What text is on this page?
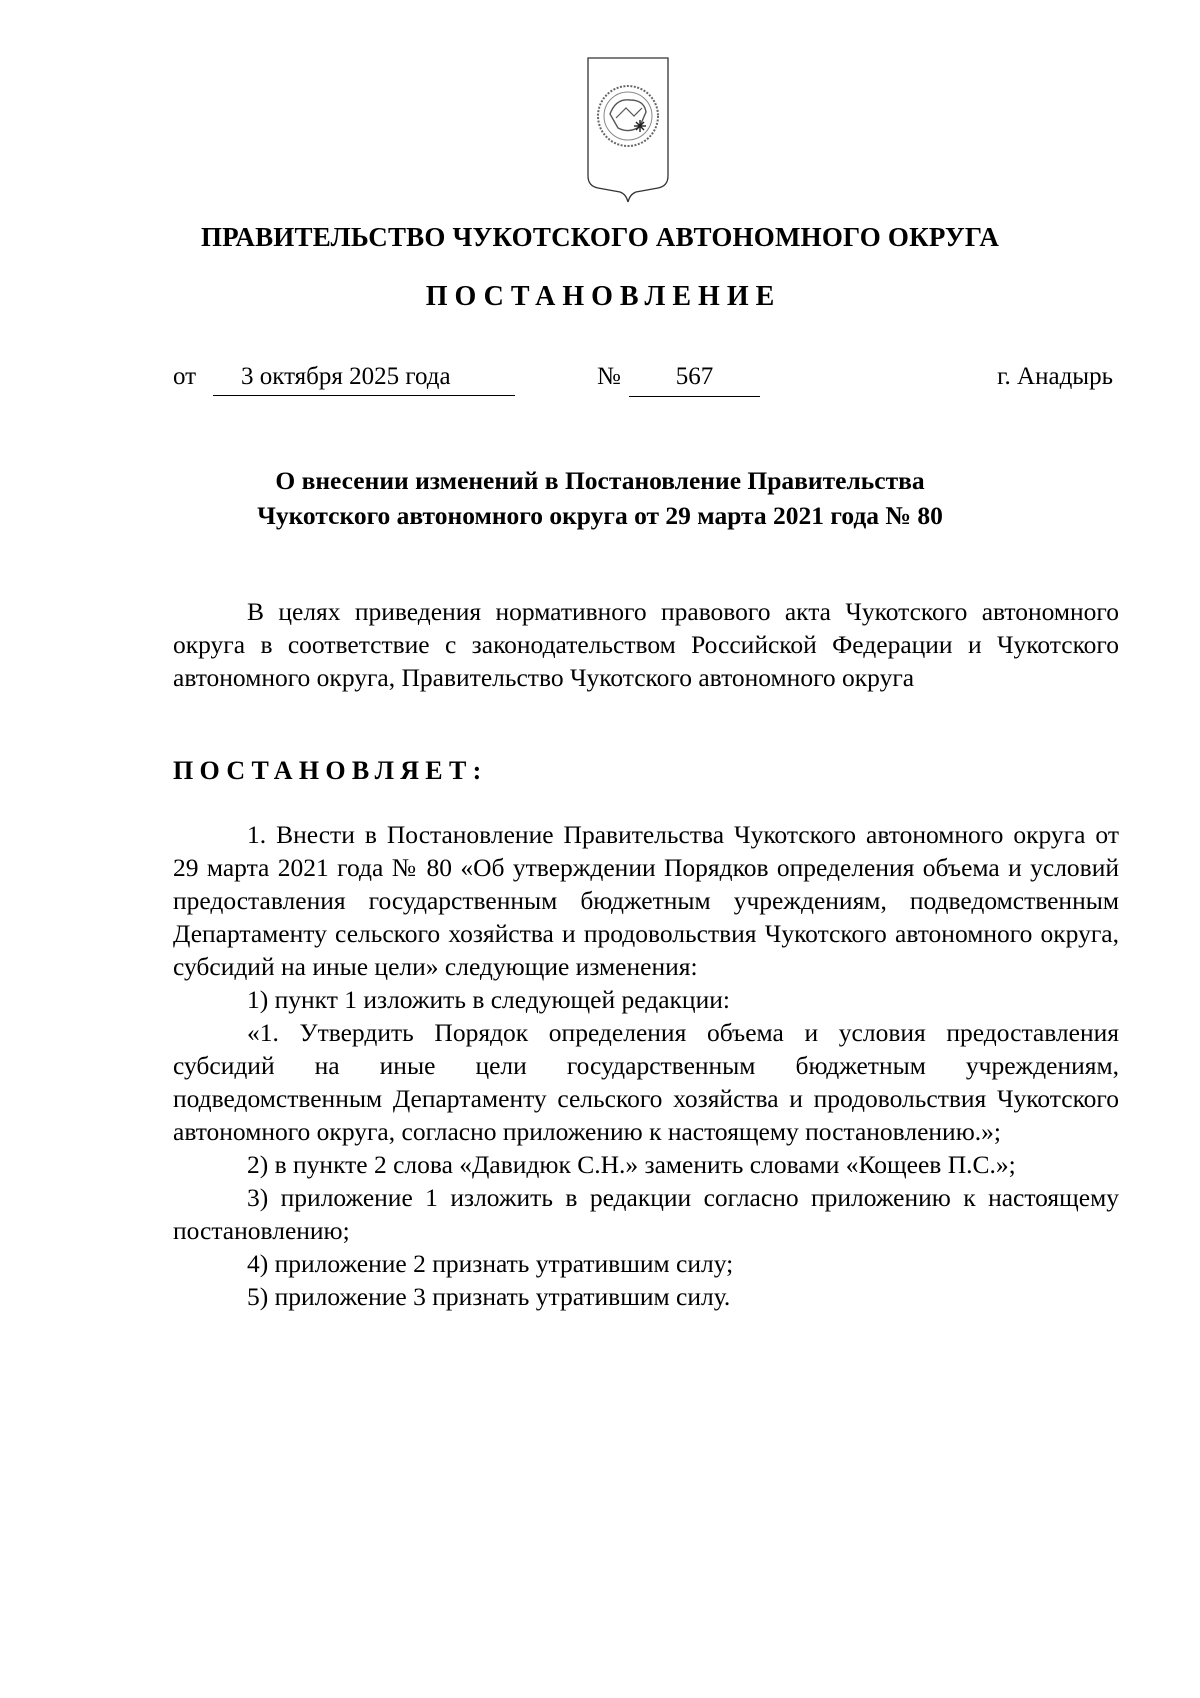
ПРАВИТЕЛЬСТВО ЧУКОТСКОГО АВТОНОМНОГО ОКРУГА
ПОСТАНОВЛЕНИЕ
от	3 октября 2025 года	№	567	г. Анадырь
О внесении изменений в Постановление Правительства
Чукотского автономного округа от 29 марта 2021 года № 80
В целях приведения нормативного правового акта Чукотского автономного округа в соответствие с законодательством Российской Федерации и Чукотского автономного округа, Правительство Чукотского автономного округа
ПОСТАНОВЛЯЕТ:

1. Внести в Постановление Правительства Чукотского автономного округа от 29 марта 2021 года № 80 «Об утверждении Порядков определения объема и условий предоставления государственным бюджетным учреждениям, подведомственным Департаменту сельского хозяйства и продовольствия Чукотского автономного округа, субсидий на иные цели» следующие изменения:

1) пункт 1 изложить в следующей редакции:

«1. Утвердить Порядок определения объема и условия предоставления субсидий на иные цели государственным бюджетным учреждениям, подведомственным Департаменту сельского хозяйства и продовольствия Чукотского автономного округа, согласно приложению к настоящему постановлению.»;

2) в пункте 2 слова «Давидюк С.Н.» заменить словами «Кощеев П.С.»;

3) приложение 1 изложить в редакции согласно приложению к настоящему постановлению;

4) приложение 2 признать утратившим силу;

5) приложение 3 признать утратившим силу.
